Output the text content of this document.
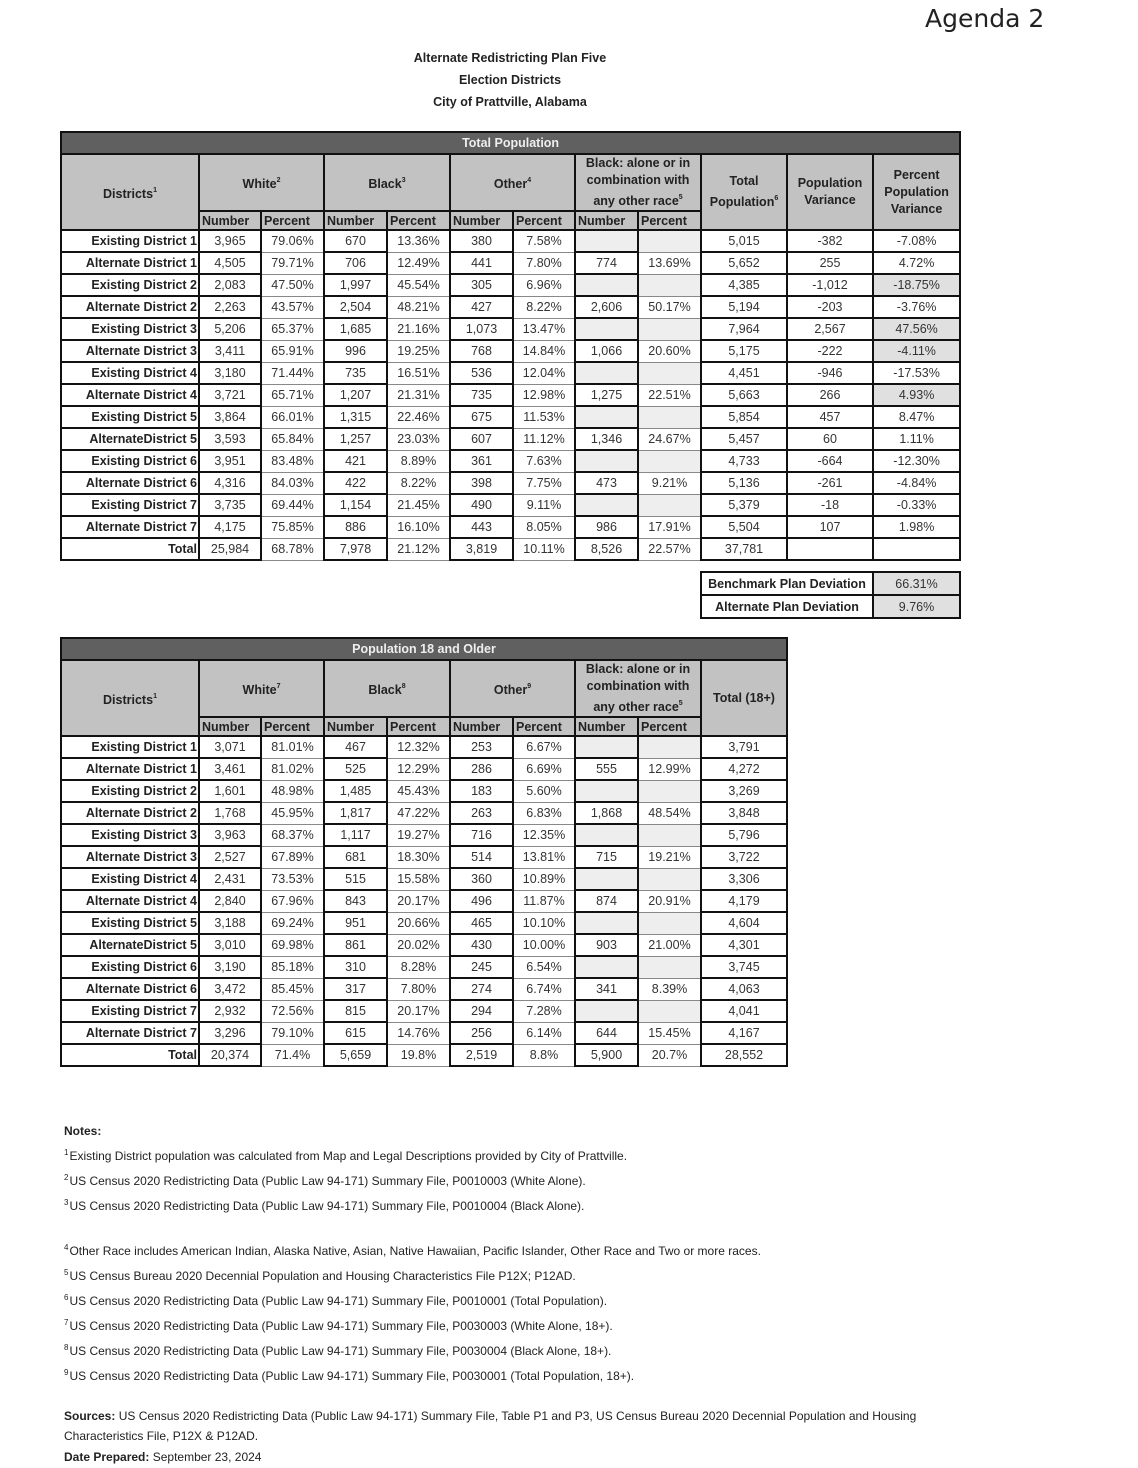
Agenda 2
Alternate Redistricting Plan Five
Election Districts
City of Prattville, Alabama
Total Population											
Districts$^1$	White$^2$		Black$^3$		Other$^4$		Black: alone or in combination with any other race$^5$		Total Population$^6$	Population Variance	Percent Population Variance
	Number	Percent	Number	Percent	Number	Percent	Number	Percent			
Existing District 1	3,965	79.06%	670	13.36%	380	7.58%			5,015	-382	-7.08%
Alternate District 1	4,505	79.71%	706	12.49%	441	7.80%	774	13.69%	5,652	255	4.72%
Existing District 2	2,083	47.50%	1,997	45.54%	305	6.96%			4,385	-1,012	-18.75%
Alternate District 2	2,263	43.57%	2,504	48.21%	427	8.22%	2,606	50.17%	5,194	-203	-3.76%
Existing District 3	5,206	65.37%	1,685	21.16%	1,073	13.47%			7,964	2,567	47.56%
Alternate District 3	3,411	65.91%	996	19.25%	768	14.84%	1,066	20.60%	5,175	-222	-4.11%
Existing District 4	3,180	71.44%	735	16.51%	536	12.04%			4,451	-946	-17.53%
Alternate District 4	3,721	65.71%	1,207	21.31%	735	12.98%	1,275	22.51%	5,663	266	4.93%
Existing District 5	3,864	66.01%	1,315	22.46%	675	11.53%			5,854	457	8.47%
AlternateDistrict 5	3,593	65.84%	1,257	23.03%	607	11.12%	1,346	24.67%	5,457	60	1.11%
Existing District 6	3,951	83.48%	421	8.89%	361	7.63%			4,733	-664	-12.30%
Alternate District 6	4,316	84.03%	422	8.22%	398	7.75%	473	9.21%	5,136	-261	-4.84%
Existing District 7	3,735	69.44%	1,154	21.45%	490	9.11%			5,379	-18	-0.33%
Alternate District 7	4,175	75.85%	886	16.10%	443	8.05%	986	17.91%	5,504	107	1.98%
Total	25,984	68.78%	7,978	21.12%	3,819	10.11%	8,526	22.57%	37,781		
Benchmark Plan Deviation	66.31%
Alternate Plan Deviation	9.76%
Population 18 and Older									
Districts$^1$	White$^7$		Black$^8$		Other$^9$		Black: alone or in combination with any other race$^5$		Total (18+)
	Number	Percent	Number	Percent	Number	Percent	Number	Percent	
Existing District 1	3,071	81.01%	467	12.32%	253	6.67%			3,791
Alternate District 1	3,461	81.02%	525	12.29%	286	6.69%	555	12.99%	4,272
Existing District 2	1,601	48.98%	1,485	45.43%	183	5.60%			3,269
Alternate District 2	1,768	45.95%	1,817	47.22%	263	6.83%	1,868	48.54%	3,848
Existing District 3	3,963	68.37%	1,117	19.27%	716	12.35%			5,796
Alternate District 3	2,527	67.89%	681	18.30%	514	13.81%	715	19.21%	3,722
Existing District 4	2,431	73.53%	515	15.58%	360	10.89%			3,306
Alternate District 4	2,840	67.96%	843	20.17%	496	11.87%	874	20.91%	4,179
Existing District 5	3,188	69.24%	951	20.66%	465	10.10%			4,604
AlternateDistrict 5	3,010	69.98%	861	20.02%	430	10.00%	903	21.00%	4,301
Existing District 6	3,190	85.18%	310	8.28%	245	6.54%			3,745
Alternate District 6	3,472	85.45%	317	7.80%	274	6.74%	341	8.39%	4,063
Existing District 7	2,932	72.56%	815	20.17%	294	7.28%			4,041
Alternate District 7	3,296	79.10%	615	14.76%	256	6.14%	644	15.45%	4,167
Total	20,374	71.4%	5,659	19.8%	2,519	8.8%	5,900	20.7%	28,552
Notes:
$^1$Existing District population was calculated from Map and Legal Descriptions provided by City of Prattville.
$^2$US Census 2020 Redistricting Data (Public Law 94-171) Summary File, P0010003 (White Alone).
$^3$US Census 2020 Redistricting Data (Public Law 94-171) Summary File, P0010004 (Black Alone).
$^4$Other Race includes American Indian, Alaska Native, Asian, Native Hawaiian, Pacific Islander, Other Race and Two or more races.
$^5$US Census Bureau 2020 Decennial Population and Housing Characteristics File P12X; P12AD.
$^6$US Census 2020 Redistricting Data (Public Law 94-171) Summary File, P0010001 (Total Population).
$^7$US Census 2020 Redistricting Data (Public Law 94-171) Summary File, P0030003 (White Alone, 18+).
$^8$US Census 2020 Redistricting Data (Public Law 94-171) Summary File, P0030004 (Black Alone, 18+).
$^9$US Census 2020 Redistricting Data (Public Law 94-171) Summary File, P0030001 (Total Population, 18+).
Sources: US Census 2020 Redistricting Data (Public Law 94-171) Summary File, Table P1 and P3, US Census Bureau 2020 Decennial Population and Housing Characteristics File, P12X & P12AD.
Date Prepared: September 23, 2024
